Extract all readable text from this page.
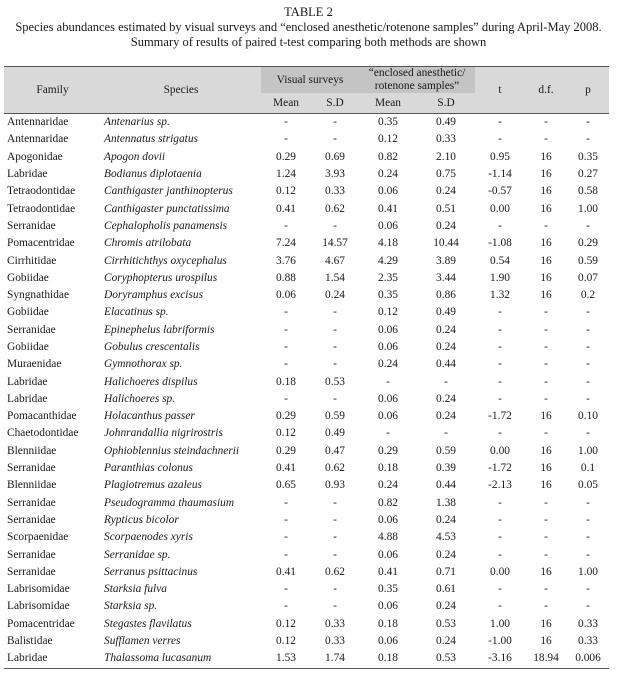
TABLE 2
Species abundances estimated by visual surveys and “enclosed anesthetic/rotenone samples” during April-May 2008.
Summary of results of paired t-test comparing both methods are shown
Family	Species	Visual surveys		“enclosed anesthetic/
rotenone samples”		t	d.f.	p
		Mean	S.D	Mean	S.D			
Antennaridae	Antenarius sp.	-	-	0.35	0.49	-	-	-
Antennaridae	Antennatus strigatus	-	-	0.12	0.33	-	-	-
Apogonidae	Apogon dovii	0.29	0.69	0.82	2.10	0.95	16	0.35
Labridae	Bodianus diplotaenia	1.24	3.93	0.24	0.75	-1.14	16	0.27
Tetraodontidae	Canthigaster janthinopterus	0.12	0.33	0.06	0.24	-0.57	16	0.58
Tetraodontidae	Canthigaster punctatissima	0.41	0.62	0.41	0.51	0.00	16	1.00
Serranidae	Cephalopholis panamensis	-	-	0.06	0.24	-	-	-
Pomacentridae	Chromis atrilobata	7.24	14.57	4.18	10.44	-1.08	16	0.29
Cirrhitidae	Cirrhitichthys oxycephalus	3.76	4.67	4.29	3.89	0.54	16	0.59
Gobiidae	Coryphopterus urospilus	0.88	1.54	2.35	3.44	1.90	16	0.07
Syngnathidae	Doryramphus excisus	0.06	0.24	0.35	0.86	1.32	16	0.2
Gobiidae	Elacatinus sp.	-	-	0.12	0.49	-	-	-
Serranidae	Epinephelus labriformis	-	-	0.06	0.24	-	-	-
Gobiidae	Gobulus crescentalis	-	-	0.06	0.24	-	-	-
Muraenidae	Gymnothorax sp.	-	-	0.24	0.44	-	-	-
Labridae	Halichoeres dispilus	0.18	0.53	-	-	-	-	-
Labridae	Halichoeres sp.	-	-	0.06	0.24	-	-	-
Pomacanthidae	Holacanthus passer	0.29	0.59	0.06	0.24	-1.72	16	0.10
Chaetodontidae	Johnrandallia nigrirostris	0.12	0.49	-	-	-	-	-
Blenniidae	Ophioblennius steindachnerii	0.29	0.47	0.29	0.59	0.00	16	1.00
Serranidae	Paranthias colonus	0.41	0.62	0.18	0.39	-1.72	16	0.1
Blenniidae	Plagiotremus azaleus	0.65	0.93	0.24	0.44	-2.13	16	0.05
Serranidae	Pseudogramma thaumasium	-	-	0.82	1.38	-	-	-
Serranidae	Rypticus bicolor	-	-	0.06	0.24	-	-	-
Scorpaenidae	Scorpaenodes xyris	-	-	4.88	4.53	-	-	-
Serranidae	Serranidae sp.	-	-	0.06	0.24	-	-	-
Serranidae	Serranus psittacinus	0.41	0.62	0.41	0.71	0.00	16	1.00
Labrisomidae	Starksia fulva	-	-	0.35	0.61	-	-	-
Labrisomidae	Starksia sp.	-	-	0.06	0.24	-	-	-
Pomacentridae	Stegastes flavilatus	0.12	0.33	0.18	0.53	1.00	16	0.33
Balistidae	Sufflamen verres	0.12	0.33	0.06	0.24	-1.00	16	0.33
Labridae	Thalassoma lucasanum	1.53	1.74	0.18	0.53	-3.16	18.94	0.006
